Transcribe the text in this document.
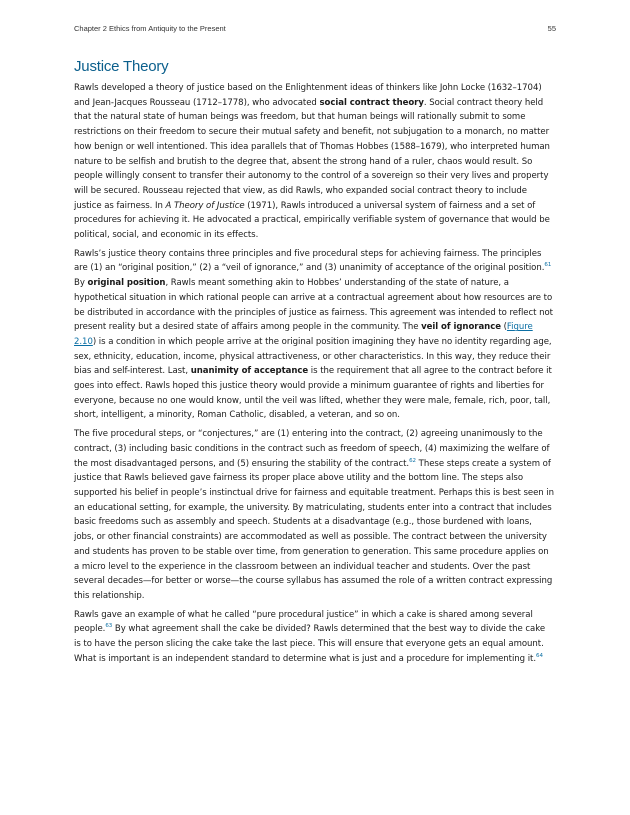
Chapter 2 Ethics from Antiquity to the Present	55
Justice Theory

Rawls developed a theory of justice based on the Enlightenment ideas of thinkers like John Locke (1632–1704) and Jean-Jacques Rousseau (1712–1778), who advocated social contract theory. Social contract theory held that the natural state of human beings was freedom, but that human beings will rationally submit to some restrictions on their freedom to secure their mutual safety and benefit, not subjugation to a monarch, no matter how benign or well intentioned. This idea parallels that of Thomas Hobbes (1588–1679), who interpreted human nature to be selfish and brutish to the degree that, absent the strong hand of a ruler, chaos would result. So people willingly consent to transfer their autonomy to the control of a sovereign so their very lives and property will be secured. Rousseau rejected that view, as did Rawls, who expanded social contract theory to include justice as fairness. In A Theory of Justice (1971), Rawls introduced a universal system of fairness and a set of procedures for achieving it. He advocated a practical, empirically verifiable system of governance that would be political, social, and economic in its effects.

Rawls’s justice theory contains three principles and five procedural steps for achieving fairness. The principles are (1) an “original position,” (2) a “veil of ignorance,” and (3) unanimity of acceptance of the original position.$^{61}$ By original position, Rawls meant something akin to Hobbes’ understanding of the state of nature, a hypothetical situation in which rational people can arrive at a contractual agreement about how resources are to be distributed in accordance with the principles of justice as fairness. This agreement was intended to reflect not present reality but a desired state of affairs among people in the community. The veil of ignorance (Figure 2.10) is a condition in which people arrive at the original position imagining they have no identity regarding age, sex, ethnicity, education, income, physical attractiveness, or other characteristics. In this way, they reduce their bias and self-interest. Last, unanimity of acceptance is the requirement that all agree to the contract before it goes into effect. Rawls hoped this justice theory would provide a minimum guarantee of rights and liberties for everyone, because no one would know, until the veil was lifted, whether they were male, female, rich, poor, tall, short, intelligent, a minority, Roman Catholic, disabled, a veteran, and so on.

The five procedural steps, or “conjectures,” are (1) entering into the contract, (2) agreeing unanimously to the contract, (3) including basic conditions in the contract such as freedom of speech, (4) maximizing the welfare of the most disadvantaged persons, and (5) ensuring the stability of the contract.$^{62}$ These steps create a system of justice that Rawls believed gave fairness its proper place above utility and the bottom line. The steps also supported his belief in people’s instinctual drive for fairness and equitable treatment. Perhaps this is best seen in an educational setting, for example, the university. By matriculating, students enter into a contract that includes basic freedoms such as assembly and speech. Students at a disadvantage (e.g., those burdened with loans, jobs, or other financial constraints) are accommodated as well as possible. The contract between the university and students has proven to be stable over time, from generation to generation. This same procedure applies on a micro level to the experience in the classroom between an individual teacher and students. Over the past several decades—for better or worse—the course syllabus has assumed the role of a written contract expressing this relationship.

Rawls gave an example of what he called “pure procedural justice” in which a cake is shared among several people.$^{63}$ By what agreement shall the cake be divided? Rawls determined that the best way to divide the cake is to have the person slicing the cake take the last piece. This will ensure that everyone gets an equal amount. What is important is an independent standard to determine what is just and a procedure for implementing it.$^{64}$
